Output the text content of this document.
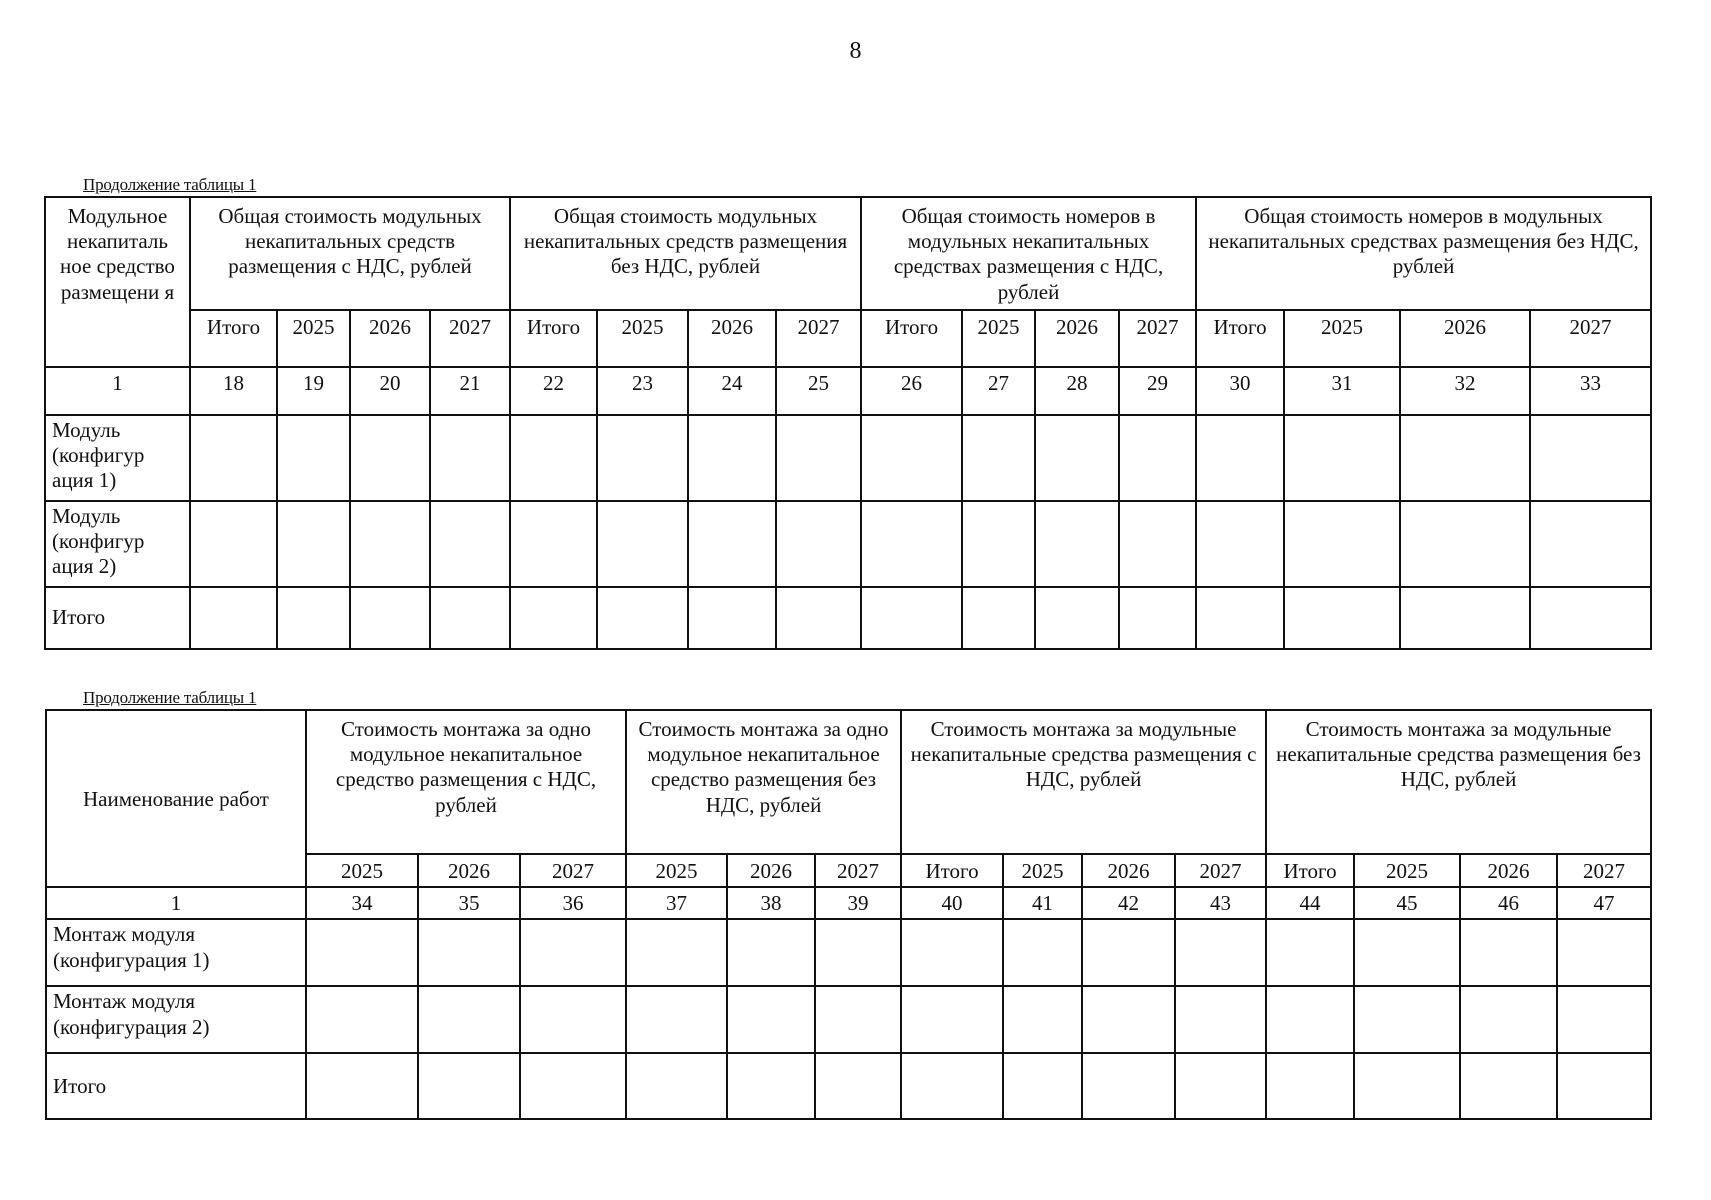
8
Продолжение таблицы 1
Модульное некапиталь ное средство размещени я	Общая стоимость модульных некапитальных средств размещения с НДС, рублей				Общая стоимость модульных некапитальных средств размещения без НДС, рублей				Общая стоимость номеров в модульных некапитальных средствах размещения с НДС, рублей				Общая стоимость номеров в модульных некапитальных средствах размещения без НДС, рублей			
	Итого	2025	2026	2027	Итого	2025	2026	2027	Итого	2025	2026	2027	Итого	2025	2026	2027
1	18	19	20	21	22	23	24	25	26	27	28	29	30	31	32	33
Модуль (конфигур ация 1)																
Модуль (конфигур ация 2)																
Итого																
Продолжение таблицы 1
Наименование работ	Стоимость монтажа за одно модульное некапитальное средство размещения с НДС, рублей			Стоимость монтажа за одно модульное некапитальное средство размещения без НДС, рублей			Стоимость монтажа за модульные некапитальные средства размещения с НДС, рублей				Стоимость монтажа за модульные некапитальные средства размещения без НДС, рублей			
	2025	2026	2027	2025	2026	2027	Итого	2025	2026	2027	Итого	2025	2026	2027
1	34	35	36	37	38	39	40	41	42	43	44	45	46	47
Монтаж модуля (конфигурация 1)														
Монтаж модуля (конфигурация 2)														
Итого														
